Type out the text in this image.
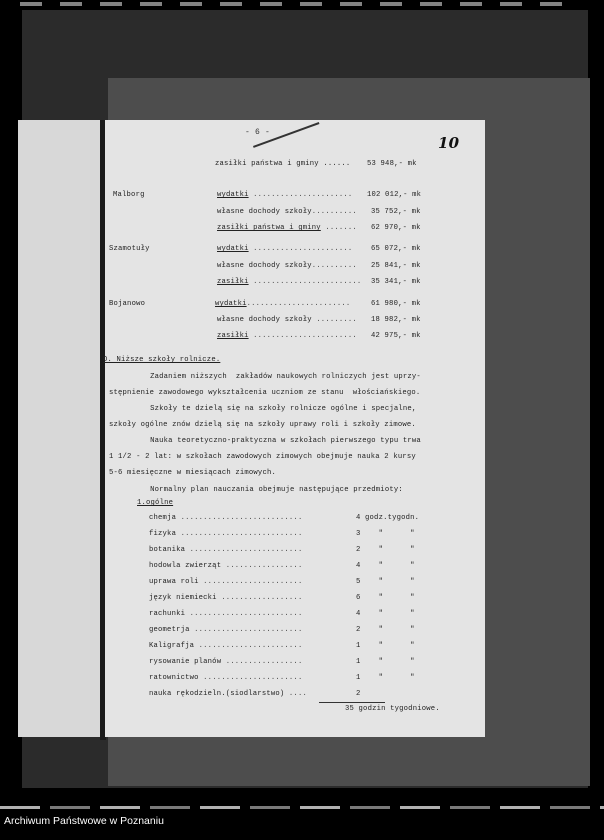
- 6 -
10
zasiłki państwa i gminy ...... 53 948,- mk
Malborg	wydatki ...................... 102 012,- mk
własne dochody szkoły.......... 35 752,- mk
zasiłki państwa i gminy ....... 62 970,- mk
Szamotuły	wydatki ......................	65 072,- mk
własne dochody szkoły.......... 25 841,- mk
zasiłki ........................ 35 341,- mk
Bojanowo	wydatki.......................	61 980,- mk
własne dochody szkoły ......... 18 982,- mk
zasiłki ....................... 42 975,- mk
D. Niższe szkoły rolnicze.
Zadaniem niższych  zakładów naukowych rolniczych jest uprzy-
stępnienie zawodowego wykształcenia uczniom ze stanu  włościańskiego.
Szkoły te dzielą się na szkoły rolnicze ogólne i specjalne,
szkoły ogólne znów dzielą się na szkoły uprawy roli i szkoły zimowe.
Nauka teoretyczno-praktyczna w szkołach pierwszego typu trwa
1 1/2 - 2 lat: w szkołach zawodowych zimowych obejmuje nauka 2 kursy
5-6 miesięczne w miesiącach zimowych.
Normalny plan nauczania obejmuje następujące przedmioty:
1.ogólne
chemja ...........................	4 godz.tygodn.
fizyka ...........................	3	"      "
botanika .........................	2	"      "
hodowla zwierząt .................	4	"      "
uprawa roli ......................	5	"      "
język niemiecki ..................	6	"      "
rachunki .........................	4	"      "
geometrja ........................	2	"      "
Kaligrafja .......................	1	"      "
rysowanie planów .................	1	"      "
ratownictwo ......................	1	"      "
nauka rękodzieln.(siodlarstwo) ....	2
35 godzin tygodniowe.
Archiwum Państwowe w Poznaniu
